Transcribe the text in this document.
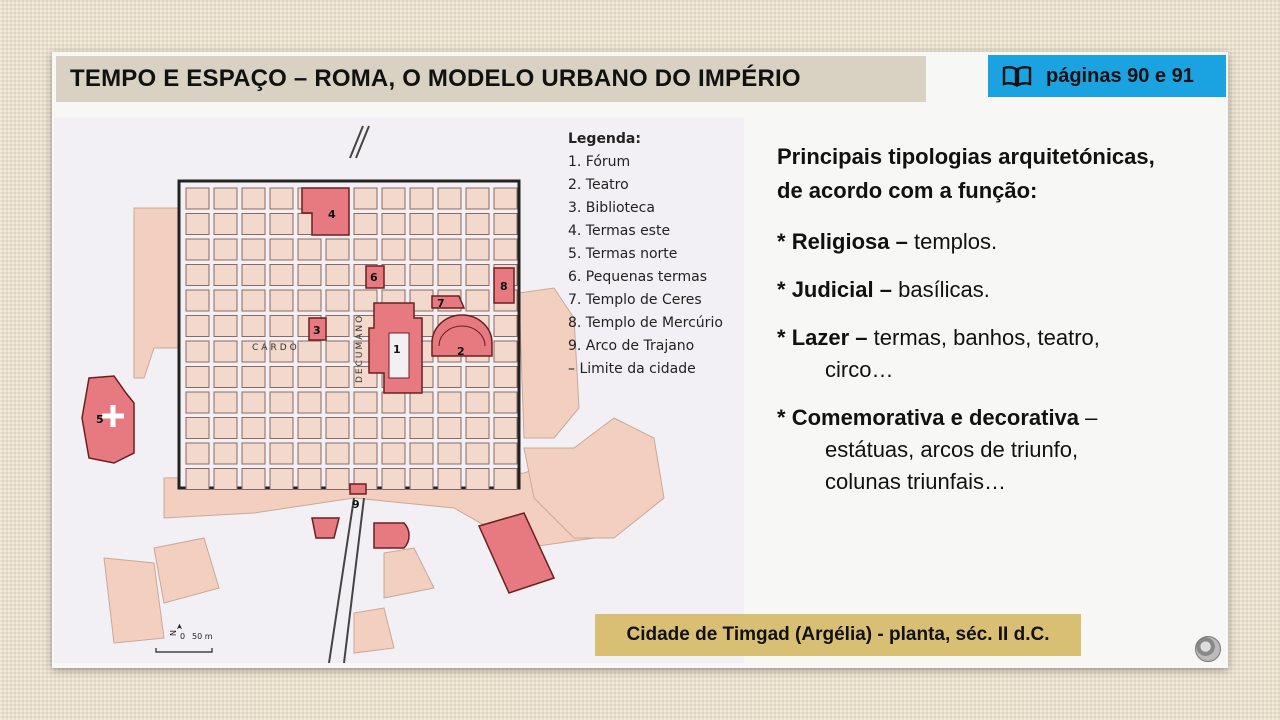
TEMPO E ESPAÇO – ROMA, O MODELO URBANO DO IMPÉRIO	páginas 90 e 91
CARDO	DECUMANO	1	2
3
4
5
6
7
8
9
N
➤
0 50 m
Legenda:
1. Fórum
2. Teatro
3. Biblioteca
4. Termas este
5. Termas norte
6. Pequenas termas
7. Templo de Ceres
8. Templo de Mercúrio
9. Arco de Trajano
– Limite da cidade
Principais tipologias arquitetónicas,
de acordo com a função:
* Religiosa – templos.
* Judicial – basílicas.
* Lazer – termas, banhos, teatro,
circo…
* Comemorativa e decorativa –
estátuas, arcos de triunfo,
colunas triunfais…
Cidade de Timgad (Argélia) - planta, séc. II d.C.
